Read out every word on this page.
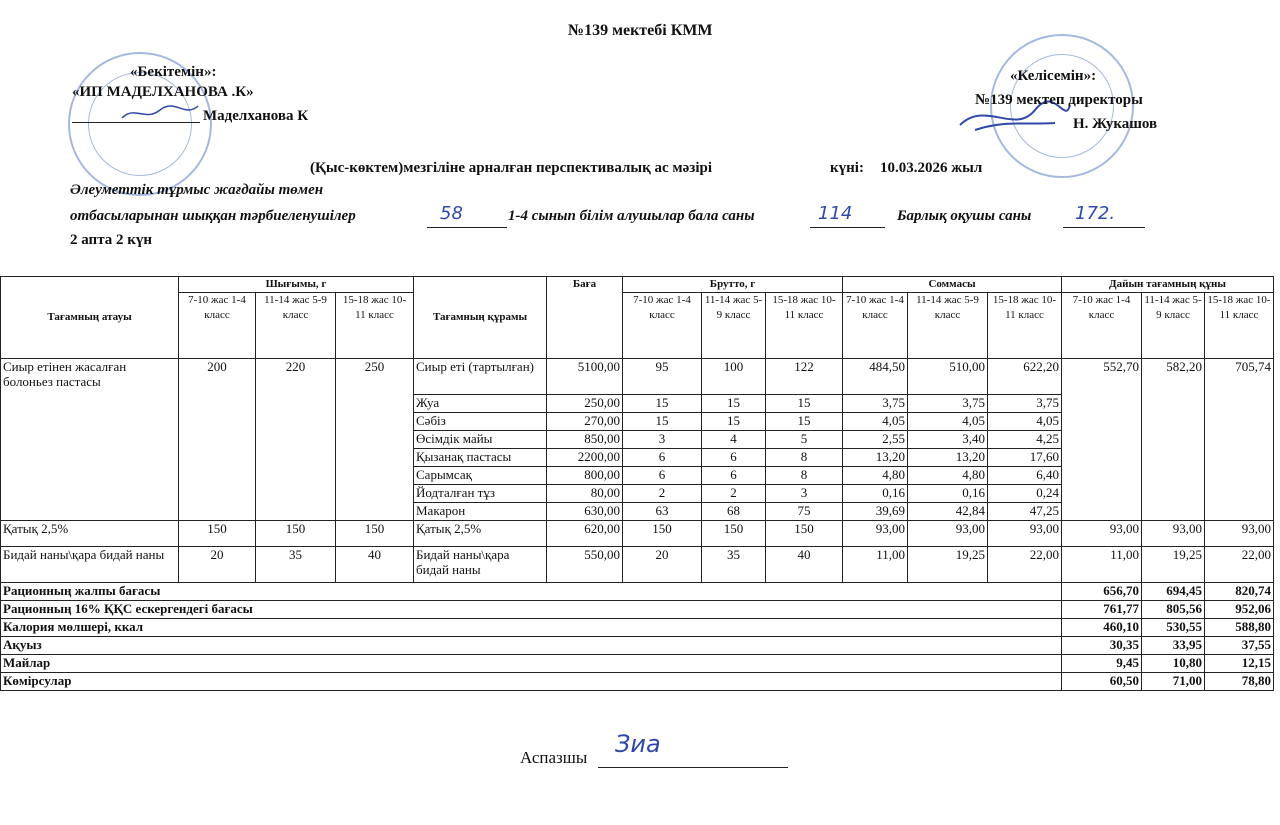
№139 мектебі КММ
«Бекітемін»:
«ИП МАДЕЛХАНОВА .К»
Маделханова К
«Келісемін»:
№139 мектеп директоры
Н. Жукашов
(Қыс-көктем)мезгіліне арналған перспективалық ас мәзірі	күні: 10.03.2026 жыл
Әлеуметтік тұрмыс жағдайы төмен
отбасыларынан шыққан тәрбиеленушілер	58	1-4 сынып білім алушылар бала саны	114	Барлық оқушы саны 172.
2 апта 2 күн
Тағамның атауы	Шығымы, г			Тағамның құрамы	Баға	Брутто, г			Соммасы			Дайын тағамның құны		
	7-10 жас 1-4 класс	11-14 жас 5-9 класс	15-18 жас 10-11 класс			7-10 жас 1-4 класс	11-14 жас 5-9 класс	15-18 жас 10-11 класс	7-10 жас 1-4 класс	11-14 жас 5-9 класс	15-18 жас 10-11 класс	7-10 жас 1-4 класс	11-14 жас 5-9 класс	15-18 жас 10-11 класс
Сиыр етінен жасалған болоньез пастасы	200	220	250	Сиыр еті (тартылған)	5100,00	95	100	122	484,50	510,00	622,20	552,70	582,20	705,74
				Жуа	250,00	15	15	15	3,75	3,75	3,75			
				Сәбіз	270,00	15	15	15	4,05	4,05	4,05			
				Өсімдік майы	850,00	3	4	5	2,55	3,40	4,25			
				Қызанақ пастасы	2200,00	6	6	8	13,20	13,20	17,60			
				Сарымсақ	800,00	6	6	8	4,80	4,80	6,40			
				Йодталған тұз	80,00	2	2	3	0,16	0,16	0,24			
				Макарон	630,00	63	68	75	39,69	42,84	47,25			
Қатық 2,5%	150	150	150	Қатық 2,5%	620,00	150	150	150	93,00	93,00	93,00	93,00	93,00	93,00
Бидай наны\қара бидай наны	20	35	40	Бидай наны\қара бидай наны	550,00	20	35	40	11,00	19,25	22,00	11,00	19,25	22,00
Рационның жалпы бағасы												656,70	694,45	820,74
Рационның 16% ҚҚС ескергендегі бағасы												761,77	805,56	952,06
Калория мөлшері, ккал												460,10	530,55	588,80
Ақуыз												30,35	33,95	37,55
Майлар												9,45	10,80	12,15
Көмірсулар												60,50	71,00	78,80
Аспазшы Зиа
